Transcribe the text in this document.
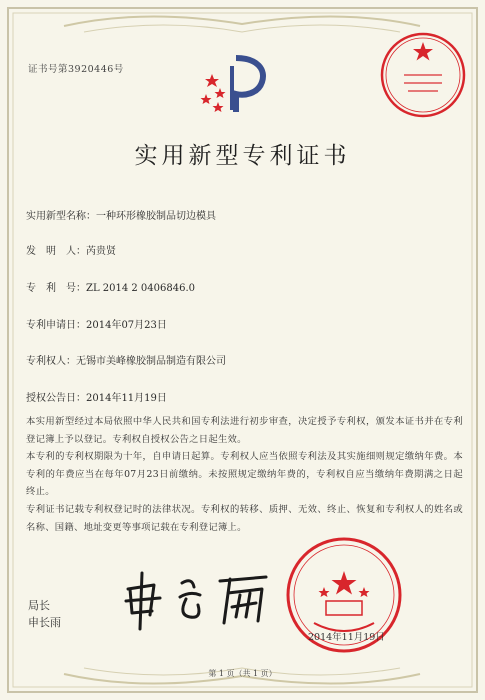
证书号第3920446号
实用新型专利证书
实用新型名称：一种环形橡胶制品切边模具
发　明　人：芮贵贤
专　利　号：ZL 2014 2 0406846.0
专利申请日：2014年07月23日
专利权人：无锡市美峰橡胶制品制造有限公司
授权公告日：2014年11月19日
本实用新型经过本局依照中华人民共和国专利法进行初步审查，决定授予专利权，颁发本证书并在专利登记簿上予以登记。专利权自授权公告之日起生效。
本专利的专利权期限为十年，自申请日起算。专利权人应当依照专利法及其实施细则规定缴纳年费。本专利的年费应当在每年07月23日前缴纳。未按照规定缴纳年费的，专利权自应当缴纳年费期满之日起终止。
专利证书记载专利权登记时的法律状况。专利权的转移、质押、无效、终止、恢复和专利权人的姓名或名称、国籍、地址变更等事项记载在专利登记簿上。
局长
申长雨
2014年11月19日
第 1 页（共 1 页）
